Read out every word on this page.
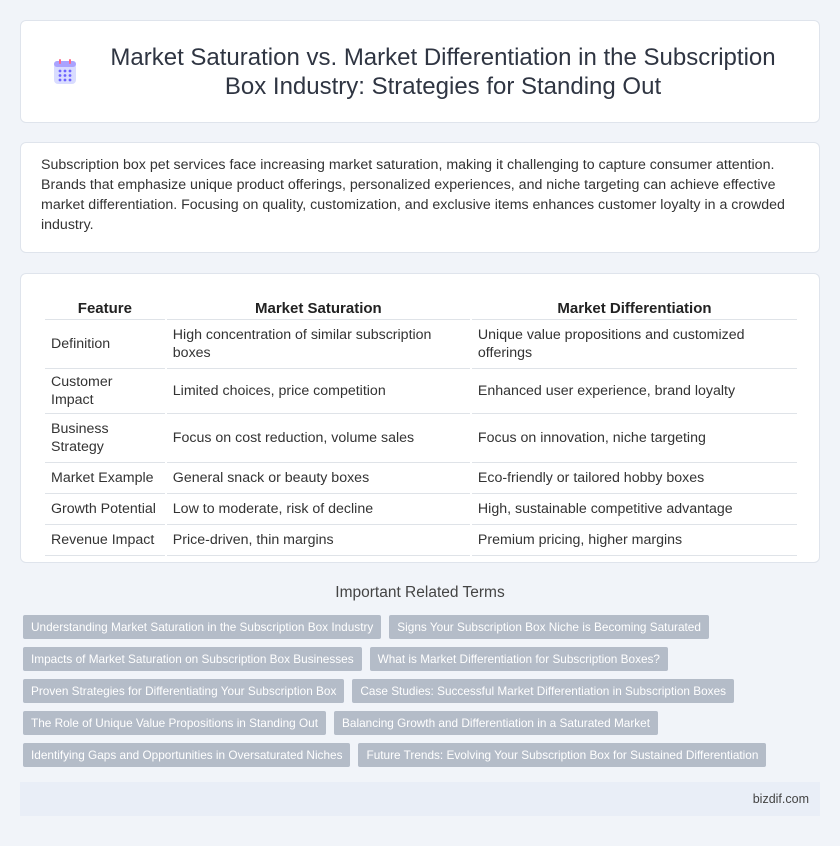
Market Saturation vs. Market Differentiation in the Subscription Box Industry: Strategies for Standing Out

Subscription box pet services face increasing market saturation, making it challenging to capture consumer attention. Brands that emphasize unique product offerings, personalized experiences, and niche targeting can achieve effective market differentiation. Focusing on quality, customization, and exclusive items enhances customer loyalty in a crowded industry.

Feature	Market Saturation	Market Differentiation
Definition	High concentration of similar subscription boxes	Unique value propositions and customized offerings
Customer Impact	Limited choices, price competition	Enhanced user experience, brand loyalty
Business Strategy	Focus on cost reduction, volume sales	Focus on innovation, niche targeting
Market Example	General snack or beauty boxes	Eco-friendly or tailored hobby boxes
Growth Potential	Low to moderate, risk of decline	High, sustainable competitive advantage
Revenue Impact	Price-driven, thin margins	Premium pricing, higher margins
Important Related Terms
Understanding Market Saturation in the Subscription Box Industry	Signs Your Subscription Box Niche is Becoming Saturated
Impacts of Market Saturation on Subscription Box Businesses	What is Market Differentiation for Subscription Boxes?
Proven Strategies for Differentiating Your Subscription Box	Case Studies: Successful Market Differentiation in Subscription Boxes
The Role of Unique Value Propositions in Standing Out	Balancing Growth and Differentiation in a Saturated Market
Identifying Gaps and Opportunities in Oversaturated Niches	Future Trends: Evolving Your Subscription Box for Sustained Differentiation
bizdif.com
